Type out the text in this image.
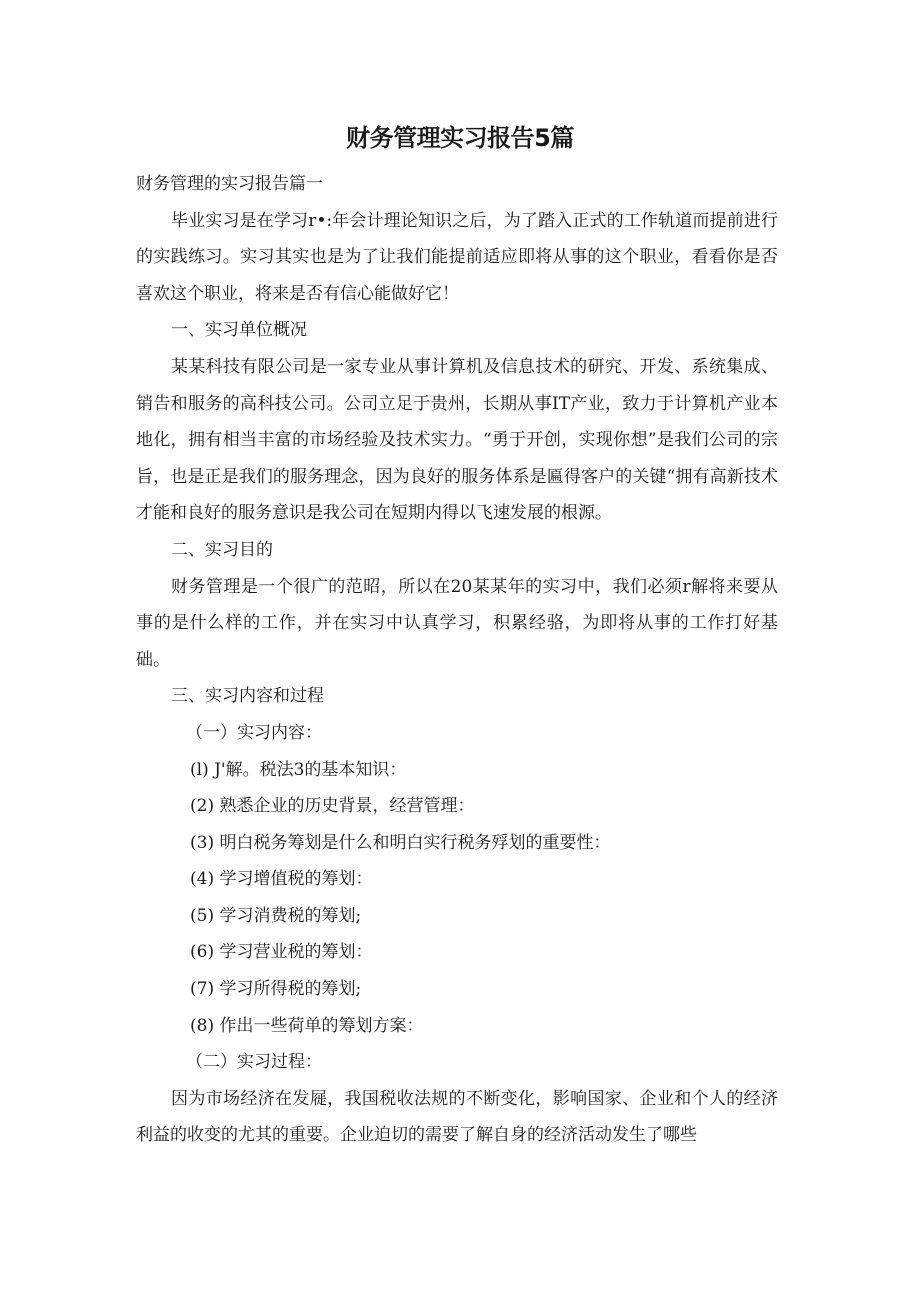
财务管理实习报告5篇

财务管理的实习报告篇一

毕业实习是在学习r•:年会计理论知识之后，为了踏入正式的工作轨道而提前进行的实践练习。实习其实也是为了让我们能提前适应即将从事的这个职业，看看你是否喜欢这个职业，将来是否有信心能做好它！

一、实习单位概况

某某科技有限公司是一家专业从事计算机及信息技术的研究、开发、系统集成、销告和服务的高科技公司。公司立足于贵州，长期从事IT产业，致力于计算机产业本地化，拥有相当丰富的市场经验及技术实力。“勇于开创，实现你想”是我们公司的宗旨，也是正是我们的服务理念，因为良好的服务体系是匾得客户的关键“拥有高新技术才能和良好的服务意识是我公司在短期内得以飞速发展的根源。

二、实习目的

财务管理是一个很广的范昭，所以在20某某年的实习中，我们必须r解将来要从事的是什么样的工作，并在实习中认真学习，积累经骆，为即将从事的工作打好基础。

三、实习内容和过程

（一）实习内容：

(l) J'解。税法3的基本知识：

(2) 熟悉企业的历史背景，经营管理：

(3) 明白税务筹划是什么和明白实行税务殍划的重要性：

(4) 学习增值税的筹划：

(5) 学习消费税的筹划;

(6) 学习营业税的筹划：

(7) 学习所得税的筹划;

(8) 作出一些荷单的筹划方案：

（二）实习过程：

因为市场经济在发屣，我国税收法规的不断变化，影响国家、企业和个人的经济利益的收变的尤其的重要。企业迫切的需要了解自身的经济活动发生了哪些
